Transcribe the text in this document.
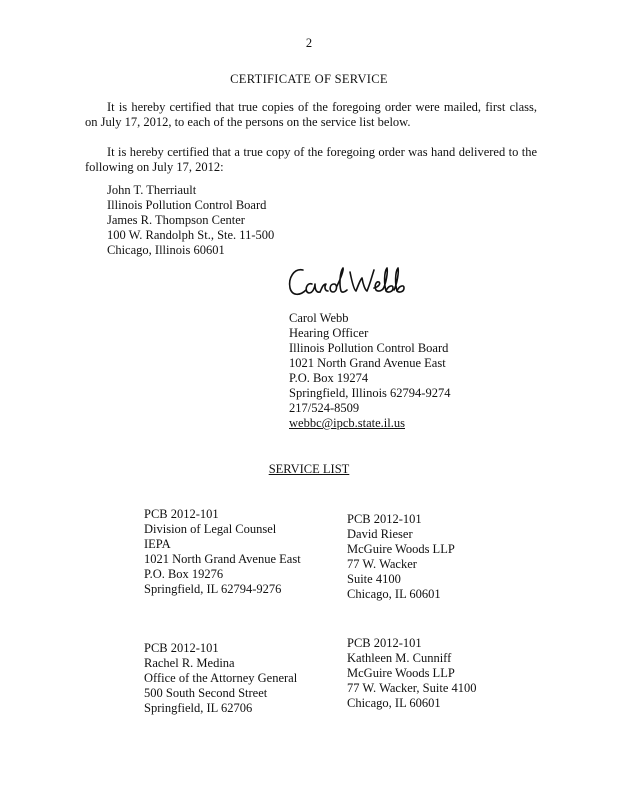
2
CERTIFICATE OF SERVICE
It is hereby certified that true copies of the foregoing order were mailed, first class, on July 17, 2012, to each of the persons on the service list below.
It is hereby certified that a true copy of the foregoing order was hand delivered to the following on July 17, 2012:
John T. Therriault
Illinois Pollution Control Board
James R. Thompson Center
100 W. Randolph St., Ste. 11-500
Chicago, Illinois 60601
Carol Webb
Hearing Officer
Illinois Pollution Control Board
1021 North Grand Avenue East
P.O. Box 19274
Springfield, Illinois 62794-9274
217/524-8509
webbc@ipcb.state.il.us
SERVICE LIST
PCB 2012-101
Division of Legal Counsel
IEPA
1021 North Grand Avenue East
P.O. Box 19276
Springfield, IL 62794-9276
PCB 2012-101
David Rieser
McGuire Woods LLP
77 W. Wacker
Suite 4100
Chicago, IL 60601
PCB 2012-101
Rachel R. Medina
Office of the Attorney General
500 South Second Street
Springfield, IL 62706
PCB 2012-101
Kathleen M. Cunniff
McGuire Woods LLP
77 W. Wacker, Suite 4100
Chicago, IL 60601
